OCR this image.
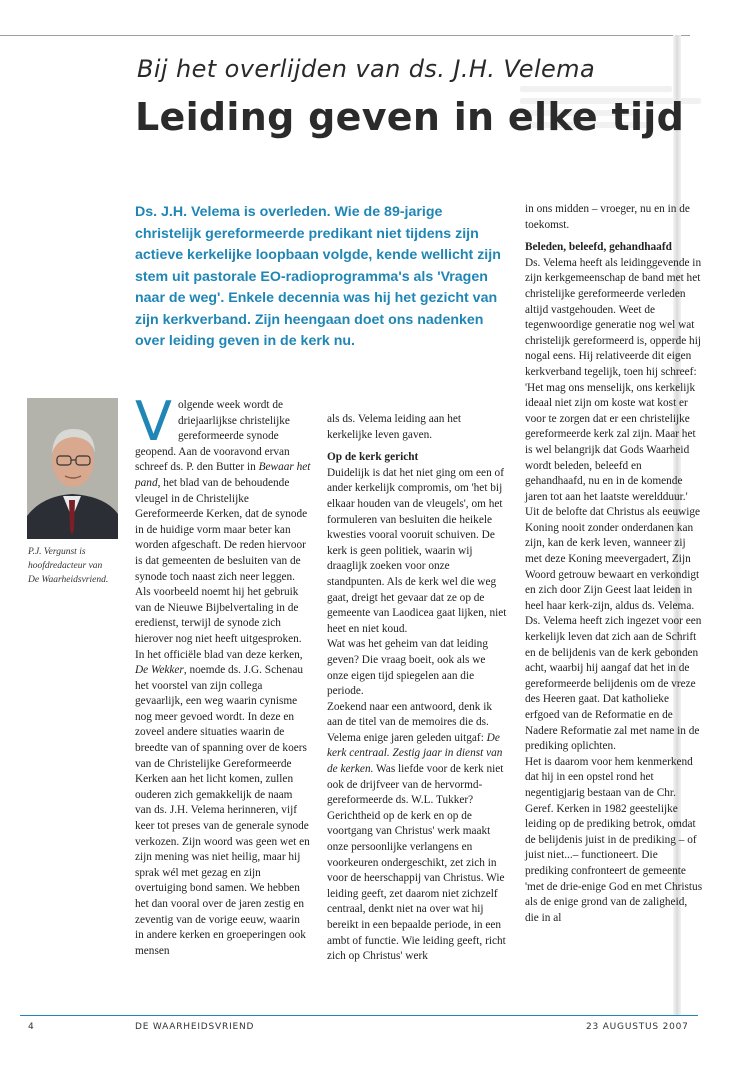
Bij het overlijden van ds. J.H. Velema
Leiding geven in elke tijd
Ds. J.H. Velema is overleden. Wie de 89-jarige christelijk gereformeerde predikant niet tijdens zijn actieve kerkelijke loopbaan volgde, kende wellicht zijn stem uit pastorale EO-radioprogramma's als 'Vragen naar de weg'. Enkele decennia was hij het gezicht van zijn kerkverband. Zijn heengaan doet ons nadenken over leiding geven in de kerk nu.
P.J. Vergunst is
hoofdredacteur van
De Waarheidsvriend.

Volgende week wordt de driejaarlijkse christelijke gereformeerde synode geopend. Aan de vooravond ervan schreef ds. P. den Butter in Bewaar het pand, het blad van de behoudende vleugel in de Christelijke Gereformeerde Kerken, dat de synode in de huidige vorm maar beter kan worden afgeschaft. De reden hiervoor is dat gemeenten de besluiten van de synode toch naast zich neer leggen. Als voorbeeld noemt hij het gebruik van de Nieuwe Bijbelvertaling in de eredienst, terwijl de synode zich hierover nog niet heeft uitgesproken. In het officiële blad van deze kerken, De Wekker, noemde ds. J.G. Schenau het voorstel van zijn collega gevaarlijk, een weg waarin cynisme nog meer gevoed wordt. In deze en zoveel andere situaties waarin de breedte van of spanning over de koers van de Christelijke Gereformeerde Kerken aan het licht komen, zullen ouderen zich gemakkelijk de naam van ds. J.H. Velema herinneren, vijf keer tot preses van de generale synode verkozen. Zijn woord was geen wet en zijn mening was niet heilig, maar hij sprak wél met gezag en zijn overtuiging bond samen. We hebben het dan vooral over de jaren zestig en zeventig van de vorige eeuw, waarin in andere kerken en groeperingen ook mensen

als ds. Velema leiding aan het kerkelijke leven gaven.

Op de kerk gericht

Duidelijk is dat het niet ging om een of ander kerkelijk compromis, om 'het bij elkaar houden van de vleugels', om het formuleren van besluiten die heikele kwesties vooral vooruit schuiven. De kerk is geen politiek, waarin wij draaglijk zoeken voor onze standpunten. Als de kerk wel die weg gaat, dreigt het gevaar dat ze op de gemeente van Laodicea gaat lijken, niet heet en niet koud.

Wat was het geheim van dat leiding geven? Die vraag boeit, ook als we onze eigen tijd spiegelen aan die periode.

Zoekend naar een antwoord, denk ik aan de titel van de memoires die ds. Velema enige jaren geleden uitgaf: De kerk centraal. Zestig jaar in dienst van de kerken. Was liefde voor de kerk niet ook de drijfveer van de hervormd-gereformeerde ds. W.L. Tukker? Gerichtheid op de kerk en op de voortgang van Christus' werk maakt onze persoonlijke verlangens en voorkeuren ondergeschikt, zet zich in voor de heerschappij van Christus. Wie leiding geeft, zet daarom niet zichzelf centraal, denkt niet na over wat hij bereikt in een bepaalde periode, in een ambt of functie. Wie leiding geeft, richt zich op Christus' werk

in ons midden – vroeger, nu en in de toekomst.

Beleden, beleefd, gehandhaafd

Ds. Velema heeft als leidinggevende in zijn kerkgemeenschap de band met het christelijke gereformeerde verleden altijd vastgehouden. Weet de tegenwoordige generatie nog wel wat christelijk gereformeerd is, opperde hij nogal eens. Hij relativeerde dit eigen kerkverband tegelijk, toen hij schreef: 'Het mag ons menselijk, ons kerkelijk ideaal niet zijn om koste wat kost er voor te zorgen dat er een christelijke gereformeerde kerk zal zijn. Maar het is wel belangrijk dat Gods Waarheid wordt beleden, beleefd en gehandhaafd, nu en in de komende jaren tot aan het laatste wereldduur.' Uit de belofte dat Christus als eeuwige Koning nooit zonder onderdanen kan zijn, kan de kerk leven, wanneer zij met deze Koning meevergadert, Zijn Woord getrouw bewaart en verkondigt en zich door Zijn Geest laat leiden in heel haar kerk-zijn, aldus ds. Velema.

Ds. Velema heeft zich ingezet voor een kerkelijk leven dat zich aan de Schrift en de belijdenis van de kerk gebonden acht, waarbij hij aangaf dat het in de gereformeerde belijdenis om de vreze des Heeren gaat. Dat katholieke erfgoed van de Reformatie en de Nadere Reformatie zal met name in de prediking oplichten.

Het is daarom voor hem kenmerkend dat hij in een opstel rond het negentigjarig bestaan van de Chr. Geref. Kerken in 1982 geestelijke leiding op de prediking betrok, omdat de belijdenis juist in de prediking – of juist niet...– functioneert. Die prediking confronteert de gemeente 'met de drie-enige God en met Christus als de enige grond van de zaligheid, die in al

4	DE WAARHEIDSVRIEND	23 AUGUSTUS 2007
